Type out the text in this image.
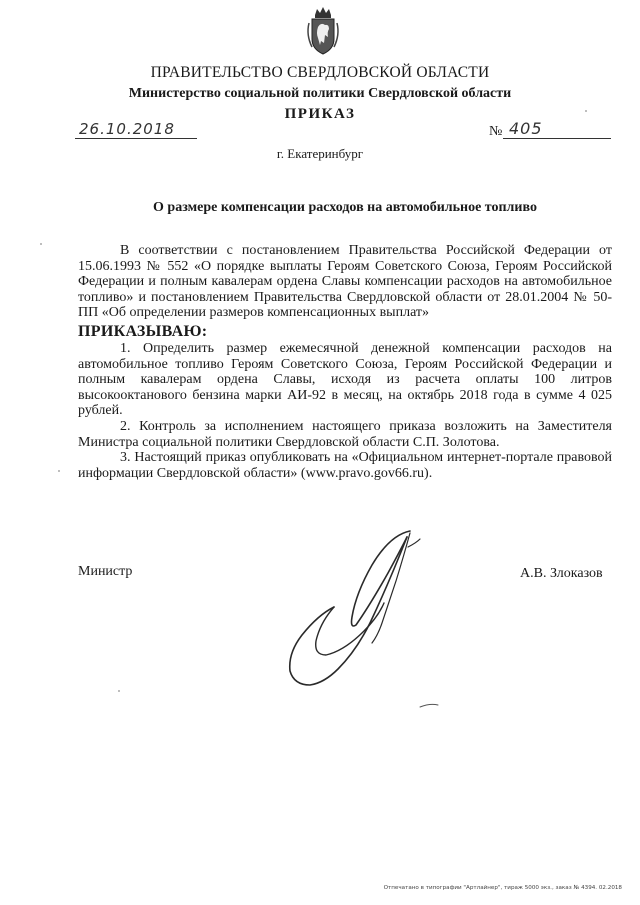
ПРАВИТЕЛЬСТВО СВЕРДЛОВСКОЙ ОБЛАСТИ
Министерство социальной политики Свердловской области
ПРИКАЗ
26.10.2018	№ 405
г. Екатеринбург
О размере компенсации расходов на автомобильное топливо

В соответствии с постановлением Правительства Российской Федерации от 15.06.1993 № 552 «О порядке выплаты Героям Советского Союза, Героям Российской Федерации и полным кавалерам ордена Славы компенсации расходов на автомобильное топливо» и постановлением Правительства Свердловской области от 28.01.2004 № 50-ПП «Об определении размеров компенсационных выплат»

ПРИКАЗЫВАЮ:

1. Определить размер ежемесячной денежной компенсации расходов на автомобильное топливо Героям Советского Союза, Героям Российской Федерации и полным кавалерам ордена Славы, исходя из расчета оплаты 100 литров высокооктанового бензина марки АИ-92 в месяц, на октябрь 2018 года в сумме 4 025 рублей.

2. Контроль за исполнением настоящего приказа возложить на Заместителя Министра социальной политики Свердловской области С.П. Золотова.

3. Настоящий приказ опубликовать на «Официальном интернет-портале правовой информации Свердловской области» (www.pravo.gov66.ru).

Министр	А.В. Злоказов
Отпечатано в типографии "Артлайнер", тираж 5000 экз., заказ № 4394. 02.2018
